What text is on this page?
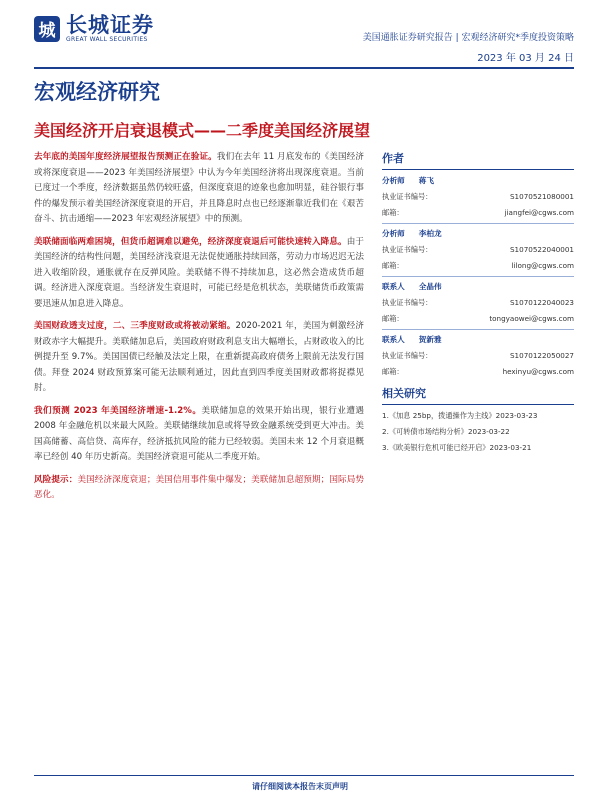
城 长城证券
GREAT WALL SECURITIES	美国通胀证券研究报告 | 宏观经济研究*季度投资策略
2023 年 03 月 24 日
宏观经济研究
美国经济开启衰退模式——二季度美国经济展望

去年底的美国年度经济展望报告预测正在验证。我们在去年 11 月底发布的《美国经济或将深度衰退——2023 年美国经济展望》中认为今年美国经济将出现深度衰退。当前已度过一个季度，经济数据虽然仍较旺盛，但深度衰退的迹象也愈加明显，硅谷银行事件的爆发预示着美国经济深度衰退的开启，并且降息时点也已经逐渐靠近我们在《艰苦奋斗、抗击通缩——2023 年宏观经济展望》中的预测。

美联储面临两难困境，但货币超调难以避免，经济深度衰退后可能快速转入降息。由于美国经济的结构性问题，美国经济浅衰退无法促使通胀持续回落，劳动力市场迟迟无法进入收缩阶段，通胀就存在反弹风险。美联储不得不持续加息，这必然会造成货币超调。经济进入深度衰退。当经济发生衰退时，可能已经是危机状态，美联储货币政策需要迅速从加息进入降息。

美国财政透支过度，二、三季度财政或将被动紧缩。2020-2021 年，美国为刺激经济财政赤字大幅提升。美联储加息后，美国政府财政利息支出大幅增长，占财政收入的比例提升至 9.7%。美国国债已经触及法定上限，在重新提高政府债务上限前无法发行国债。拜登 2024 财政预算案可能无法顺利通过，因此直到四季度美国财政都将捉襟见肘。

我们预测 2023 年美国经济增速-1.2%。美联储加息的效果开始出现，银行业遭遇 2008 年金融危机以来最大风险。美联储继续加息或将导致金融系统受到更大冲击。美国高储蓄、高信贷、高库存，经济抵抗风险的能力已经较弱。美国未来 12 个月衰退概率已经创 40 年历史新高。美国经济衰退可能从二季度开始。

风险提示：美国经济深度衰退；美国信用事件集中爆发；美联储加息超预期；国际局势恶化。

作者
分析师 蒋飞
执业证书编号：	S1070521080001
邮箱：	jiangfei@cgws.com
分析师 李柏龙
执业证书编号：	S1070522040001
邮箱：	lilong@cgws.com
联系人 全晶伟
执业证书编号：	S1070122040023
邮箱：	tongyaowei@cgws.com
联系人 贺新雅
执业证书编号：	S1070122050027
邮箱：	hexinyu@cgws.com
相关研究
1. 《加息 25bp，拨通操作为主线》 2023-03-23
2. 《可转债市场结构分析》 2023-03-22
3. 《欧美银行危机可能已经开启》 2023-03-21
请仔细阅读本报告末页声明
